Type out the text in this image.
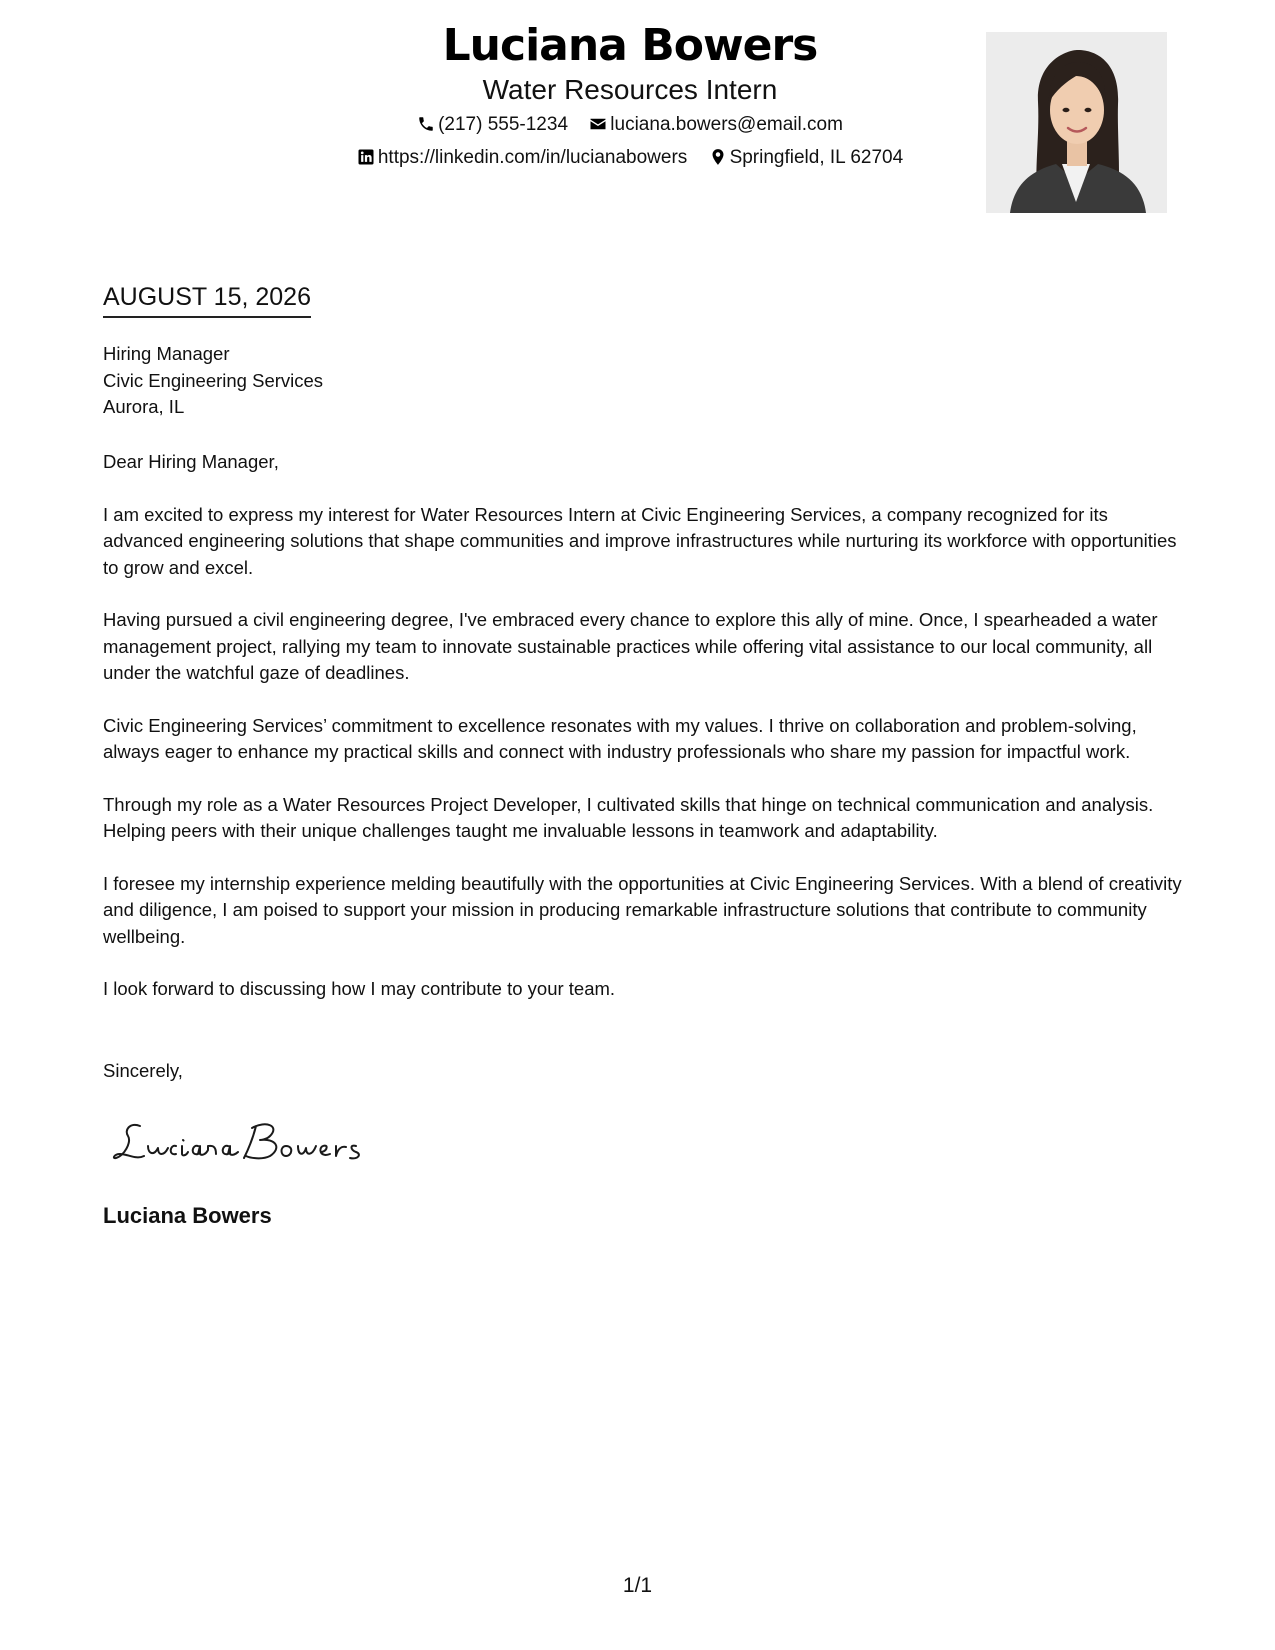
Luciana Bowers
Water Resources Intern
(217) 555-1234 luciana.bowers@email.com
https://linkedin.com/in/lucianabowers Springfield, IL 62704
AUGUST 15, 2026
Hiring Manager
Civic Engineering Services
Aurora, IL

Dear Hiring Manager,

I am excited to express my interest for Water Resources Intern at Civic Engineering Services, a company recognized for its advanced engineering solutions that shape communities and improve infrastructures while nurturing its workforce with opportunities to grow and excel.

Having pursued a civil engineering degree, I've embraced every chance to explore this ally of mine. Once, I spearheaded a water management project, rallying my team to innovate sustainable practices while offering vital assistance to our local community, all under the watchful gaze of deadlines.

Civic Engineering Services’ commitment to excellence resonates with my values. I thrive on collaboration and problem-solving, always eager to enhance my practical skills and connect with industry professionals who share my passion for impactful work.

Through my role as a Water Resources Project Developer, I cultivated skills that hinge on technical communication and analysis. Helping peers with their unique challenges taught me invaluable lessons in teamwork and adaptability.

I foresee my internship experience melding beautifully with the opportunities at Civic Engineering Services. With a blend of creativity and diligence, I am poised to support your mission in producing remarkable infrastructure solutions that contribute to community wellbeing.

I look forward to discussing how I may contribute to your team.

Sincerely,
Luciana Bowers
1/1
